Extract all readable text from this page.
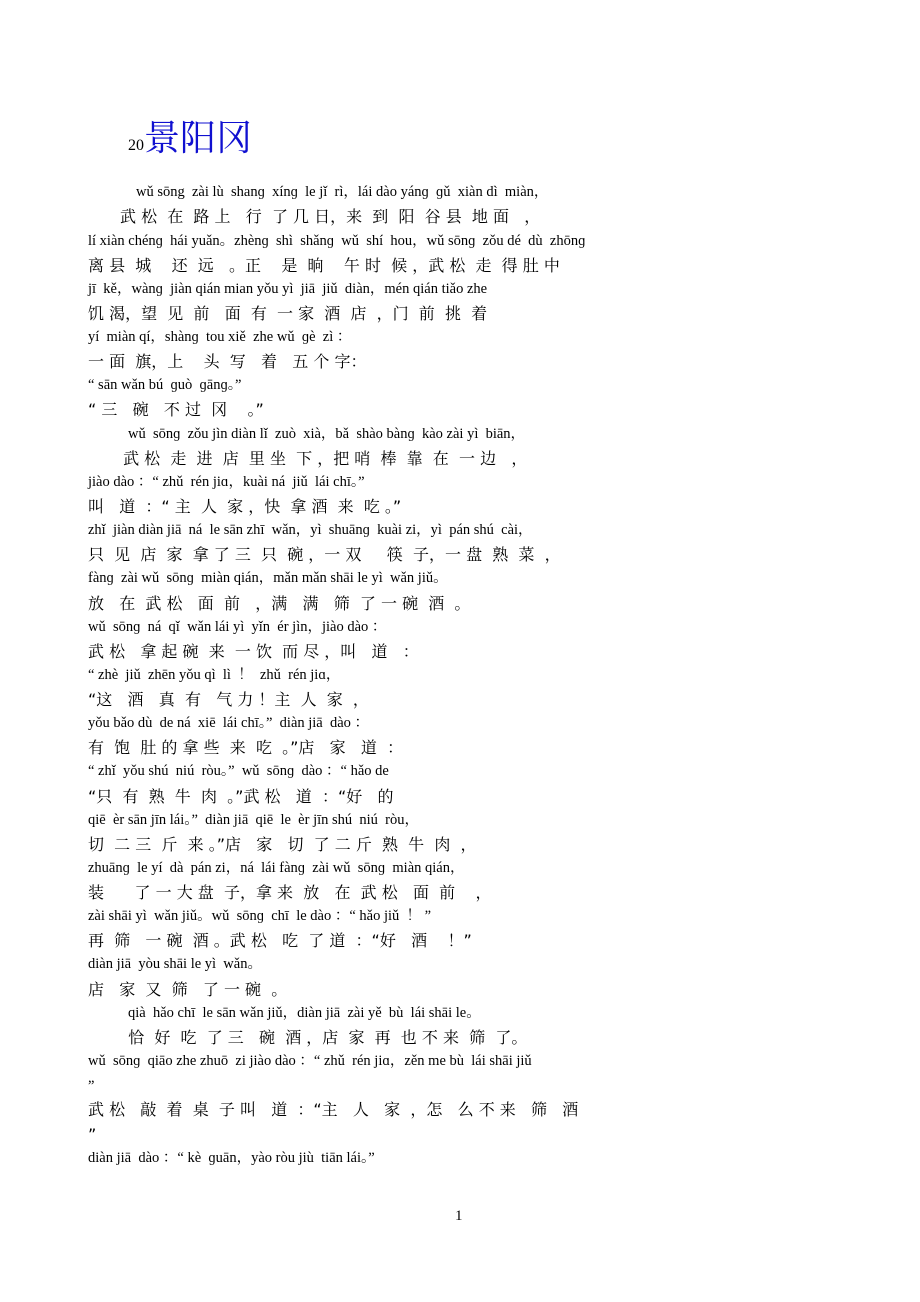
20景阳冈
wǔ sōng  zài lù  shanɡ  xínɡ  le jǐ  rì，lái dào yánɡ  ɡǔ  xiàn dì  miàn，
武 松  在  路 上   行  了 几 日，来  到  阳  谷 县  地 面   ，
lí xiàn chénɡ  hái yuǎn。zhènɡ  shì  shǎnɡ  wǔ  shí  hou，wǔ sōnɡ  zǒu dé  dù  zhōnɡ
离 县  城    还  远   。正    是  晌    午 时  候 ，武 松  走  得 肚 中
jī  kě，wànɡ  jiàn qián mian yǒu yì  jiā  jiǔ  diàn，mén qián tiǎo zhe
饥 渴，望  见  前   面  有  一 家  酒  店  ，门  前  挑  着
yí  miàn qí，shànɡ  tou xiě  zhe wǔ  ɡè  zì ：
一 面  旗，上    头  写   着   五 个 字：
“ sān wǎn bú  ɡuò  ɡānɡ。”
“ 三   碗   不 过  冈    。”
wǔ  sōnɡ  zǒu jìn diàn lǐ  zuò  xià，bǎ  shào bànɡ  kào zài yì  biān，
武 松  走  进  店  里 坐  下 ，把 哨  棒  靠  在  一 边   ，
jiào dào ：“ zhǔ  rén jiɑ，kuài ná  jiǔ  lái chī。”
叫   道  ：“ 主  人  家 ，快  拿 酒  来  吃 。”
zhǐ  jiàn diàn jiā  ná  le sān zhī  wǎn，yì  shuānɡ  kuài zi，yì  pán shú  cài，
只  见  店  家  拿 了 三  只  碗 ，一 双     筷  子，一 盘  熟  菜  ，
fànɡ  zài wǔ  sōnɡ  miàn qián，mǎn mǎn shāi le yì  wǎn jiǔ。
放   在  武 松   面  前   ，满   满   筛  了 一 碗  酒  。
wǔ  sōnɡ  ná  qǐ  wǎn lái yì  yǐn  ér jìn，jiào dào ：
武 松   拿 起 碗  来  一 饮  而 尽 ，叫   道   ：
“ zhè  jiǔ  zhēn yǒu qì  lì  ！  zhǔ  rén jiɑ，
“这   酒   真  有   气 力 ！主  人  家  ，
yǒu bǎo dù  de ná  xiē  lái chī。”  diàn jiā  dào ：
有  饱  肚 的 拿 些  来  吃  。”店   家   道  ：
“ zhǐ  yǒu shú  niú  ròu。”  wǔ  sōnɡ  dào ：“ hǎo de
“只  有  熟  牛  肉  。”武 松   道  ：“好   的
qiē  èr sān jīn lái。”  diàn jiā  qiē  le  èr jīn shú  niú  ròu，
切  二 三  斤  来 。”店   家   切  了 二 斤  熟  牛  肉  ，
zhuānɡ  le yí  dà  pán zi，ná  lái fànɡ  zài wǔ  sōnɡ  miàn qián，
装      了 一 大 盘  子，拿 来  放   在  武 松   面  前    ，
zài shāi yì  wǎn jiǔ。wǔ  sōnɡ  chī  le dào ：“ hǎo jiǔ  ！ ”
再  筛   一 碗  酒 。武 松   吃  了 道  ：“好   酒    ！”
diàn jiā  yòu shāi le yì  wǎn。
店   家  又  筛   了 一 碗  。
qià  hǎo chī  le sān wǎn jiǔ，diàn jiā  zài yě  bù  lái shāi le。
恰  好  吃  了 三   碗  酒 ，店  家  再  也 不 来  筛  了。
wǔ  sōnɡ  qiāo zhe zhuō  zi jiào dào ：“ zhǔ  rén jiɑ，zěn me bù  lái shāi jiǔ
”
武 松   敲  着  桌  子 叫   道  ：“主   人   家  ，怎   么 不 来   筛   酒
”
diàn jiā  dào ：“ kè  ɡuān，yào ròu jiù  tiān lái。”
1
